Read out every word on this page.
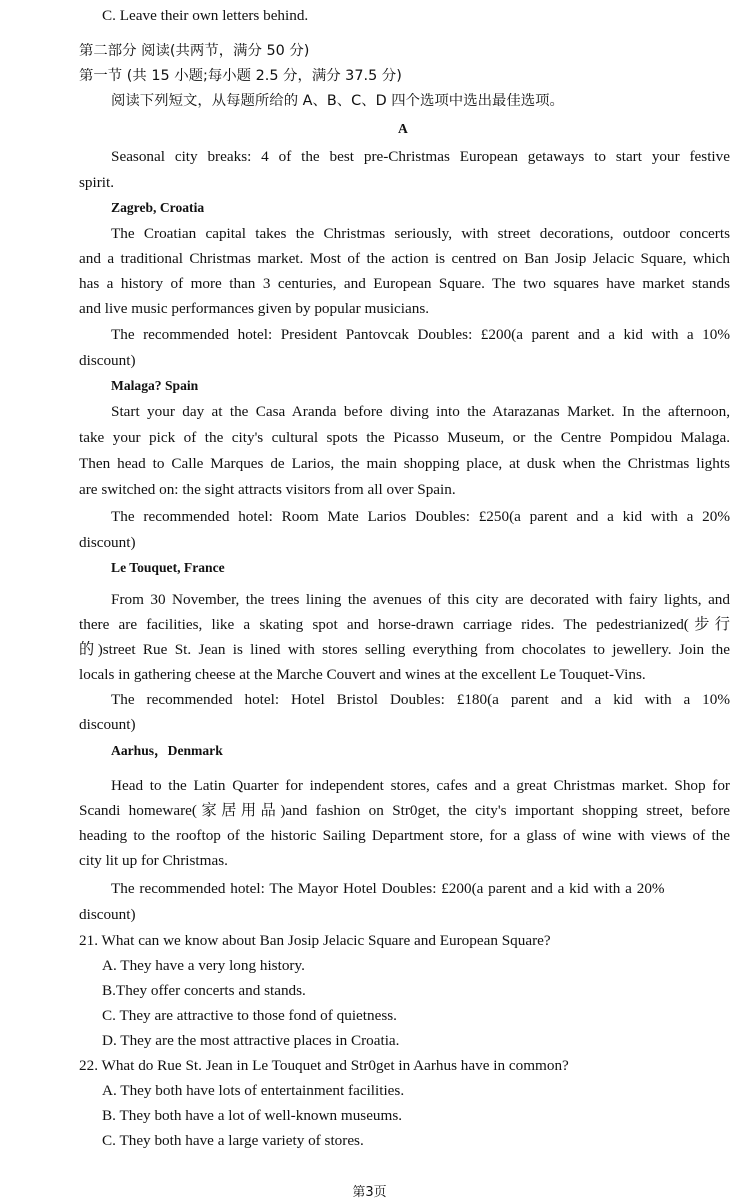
C. Leave their own letters behind.
第二部分 阅读(共两节，满分 50 分)
第一节 (共 15 小题;每小题 2.5 分，满分 37.5 分)
阅读下列短文，从每题所给的 A、B、C、D 四个选项中选出最佳选项。
A
Seasonal city breaks: 4 of the best pre-Christmas European getaways to start your festive
spirit.
Zagreb, Croatia
The Croatian capital takes the Christmas seriously, with street decorations, outdoor concerts
and a traditional Christmas market. Most of the action is centred on Ban Josip Jelacic Square, which
has a history of more than 3 centuries, and European Square. The two squares have market stands
and live music performances given by popular musicians.
The recommended hotel: President Pantovcak Doubles: £200(a parent and a kid with a 10%
discount)
Malaga? Spain
Start your day at the Casa Aranda before diving into the Atarazanas Market. In the afternoon,
take your pick of the city's cultural spots the Picasso Museum, or the Centre Pompidou Malaga.
Then head to Calle Marques de Larios, the main shopping place, at dusk when the Christmas lights
are switched on: the sight attracts visitors from all over Spain.
The recommended hotel: Room Mate Larios Doubles: £250(a parent and a kid with a 20%
discount)
Le Touquet, France
From 30 November, the trees lining the avenues of this city are decorated with fairy lights, and
there are facilities, like a skating spot and horse-drawn carriage rides. The pedestrianized(步行
的)street Rue St. Jean is lined with stores selling everything from chocolates to jewellery. Join the
locals in gathering cheese at the Marche Couvert and wines at the excellent Le Touquet-Vins.
The recommended hotel: Hotel Bristol Doubles: £180(a parent and a kid with a 10%
discount)
Aarhus，Denmark
Head to the Latin Quarter for independent stores, cafes and a great Christmas market. Shop for
Scandi homeware(家居用品)and fashion on Str0get, the city's important shopping street, before
heading to the rooftop of the historic Sailing Department store, for a glass of wine with views of the
city lit up for Christmas.
The recommended hotel: The Mayor Hotel Doubles: £200(a parent and a kid with a 20%
discount)
21. What can we know about Ban Josip Jelacic Square and European Square?
A. They have a very long history.
B.They offer concerts and stands.
C. They are attractive to those fond of quietness.
D. They are the most attractive places in Croatia.
22. What do Rue St. Jean in Le Touquet and Str0get in Aarhus have in common?
A. They both have lots of entertainment facilities.
B. They both have a lot of well-known museums.
C. They both have a large variety of stores.
第3页
